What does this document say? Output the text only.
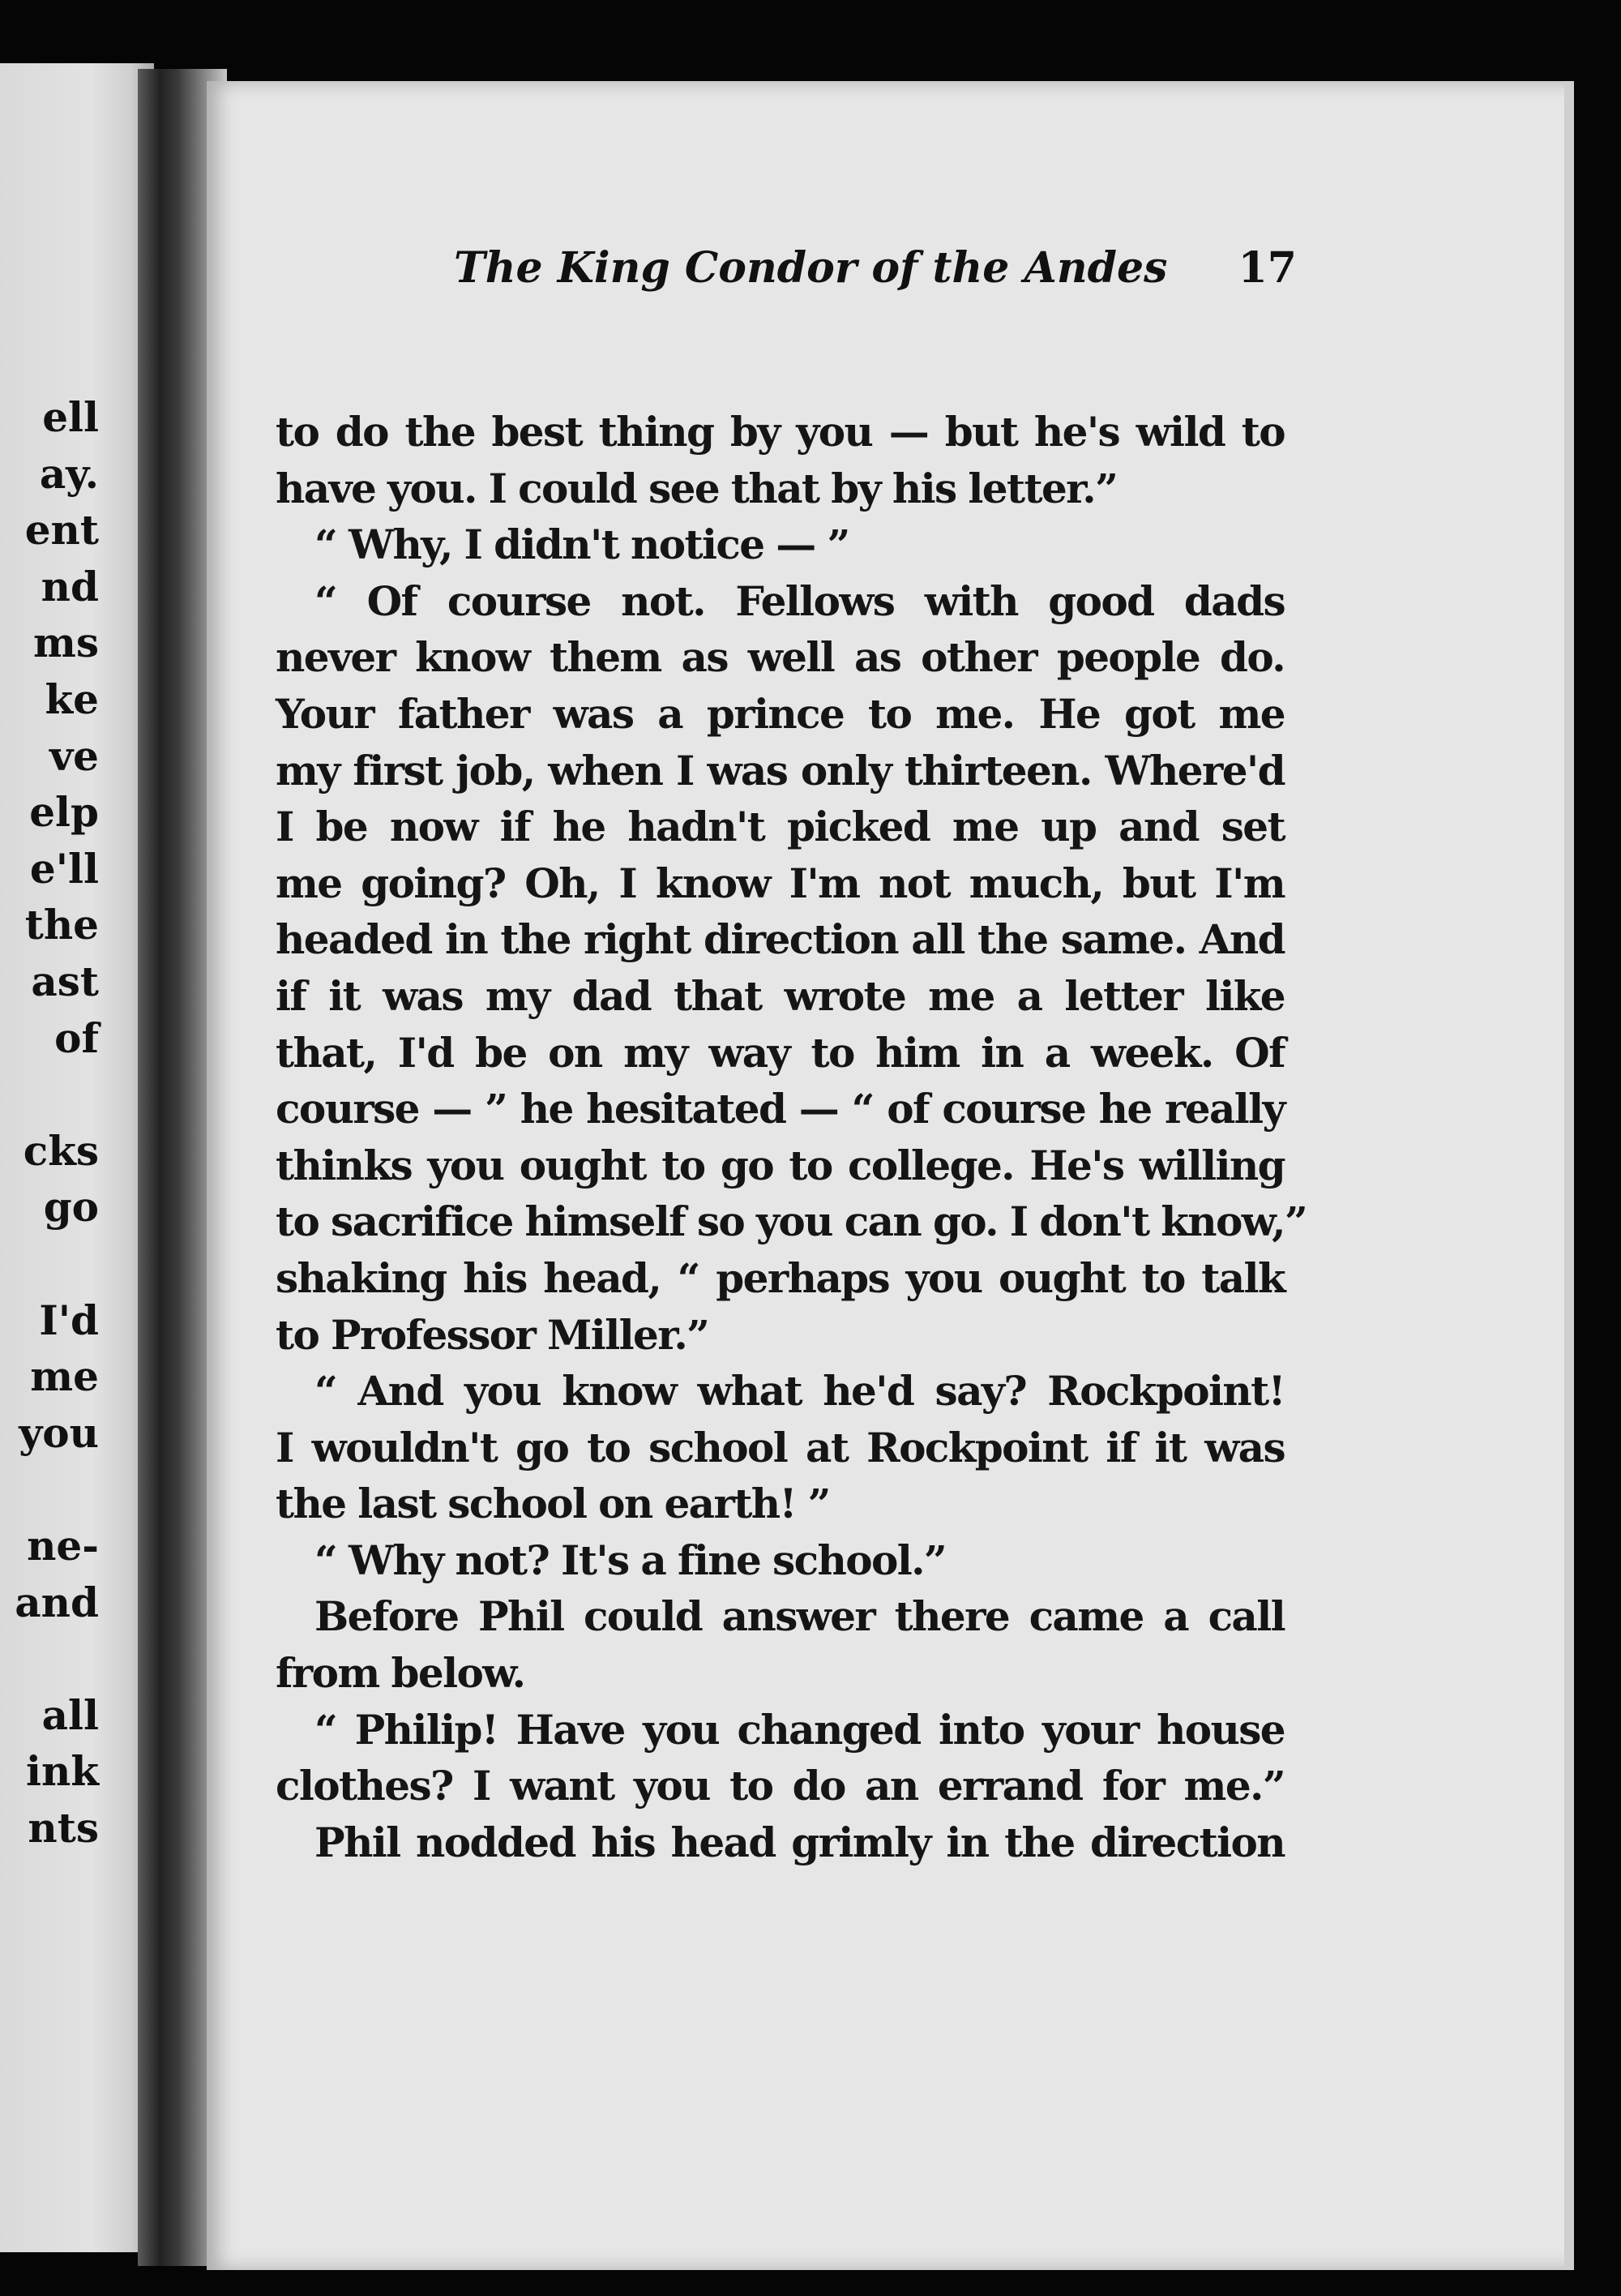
ell
ay.
ent
nd
ms
ke
ve
elp
e'll
the
ast
of
cks
go
I'd
me
you
ne-
and
all
ink
nts
The King Condor of the Andes 17
to do the best thing by you — but he's wild to
have you. I could see that by his letter.”
“ Why, I didn't notice — ”
“ Of course not. Fellows with good dads
never know them as well as other people do.
Your father was a prince to me. He got me
my first job, when I was only thirteen. Where'd
I be now if he hadn't picked me up and set
me going? Oh, I know I'm not much, but I'm
headed in the right direction all the same. And
if it was my dad that wrote me a letter like
that, I'd be on my way to him in a week. Of
course — ” he hesitated — “ of course he really
thinks you ought to go to college. He's willing
to sacrifice himself so you can go. I don't know,”
shaking his head, “ perhaps you ought to talk
to Professor Miller.”
“ And you know what he'd say? Rockpoint!
I wouldn't go to school at Rockpoint if it was
the last school on earth! ”
“ Why not? It's a fine school.”
Before Phil could answer there came a call
from below.
“ Philip! Have you changed into your house
clothes? I want you to do an errand for me.”
Phil nodded his head grimly in the direction
